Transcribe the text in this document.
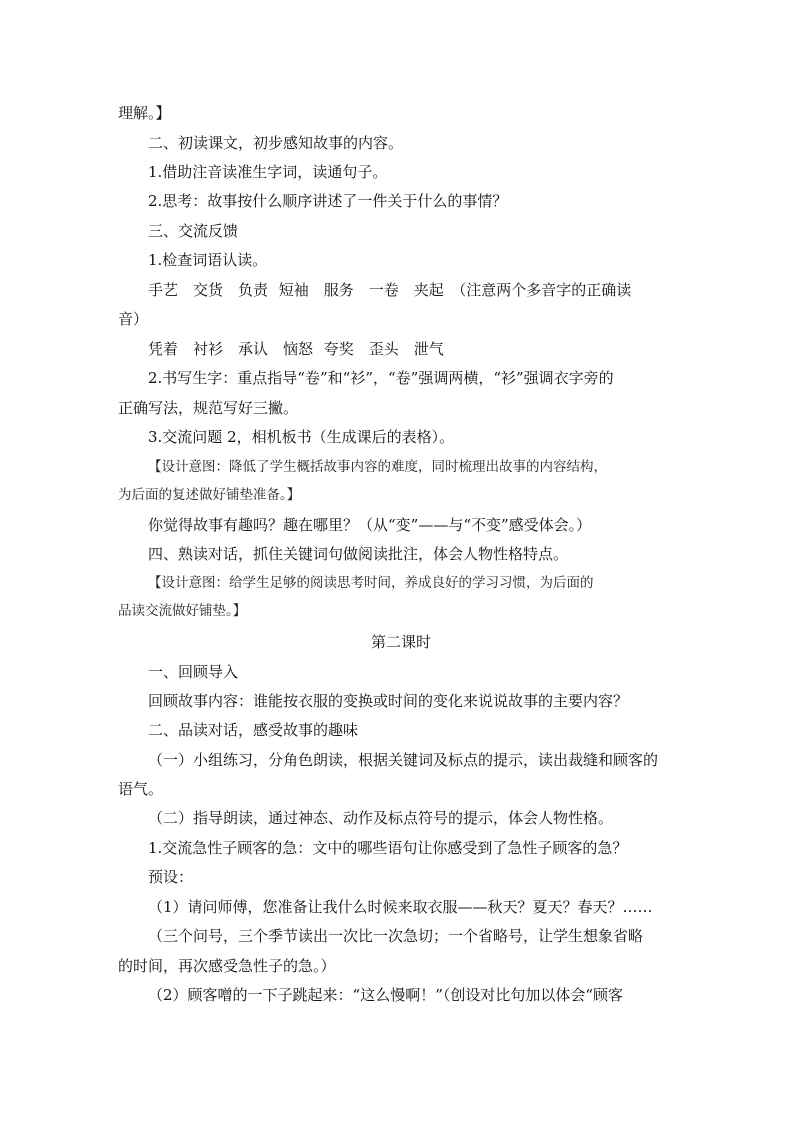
理解。】
二、初读课文，初步感知故事的内容。
1.借助注音读准生字词，读通句子。
2.思考：故事按什么顺序讲述了一件关于什么的事情？
三、交流反馈
1.检查词语认读。
手艺　交货　负责 短袖　服务　一卷　夹起　（注意两个多音字的正确读
音）
凭着　衬衫　承认　恼怒 夸奖　歪头　泄气
2.书写生字：重点指导“卷”和“衫”，“卷”强调两横，“衫”强调衣字旁的
正确写法，规范写好三撇。
3.交流问题 2，相机板书（生成课后的表格）。
【设计意图：降低了学生概括故事内容的难度，同时梳理出故事的内容结构，
为后面的复述做好铺垫准备。】
你觉得故事有趣吗？趣在哪里？（从“变”——与“不变”感受体会。）
四、熟读对话，抓住关键词句做阅读批注，体会人物性格特点。
【设计意图：给学生足够的阅读思考时间，养成良好的学习习惯，为后面的
品读交流做好铺垫。】
第二课时
一、回顾导入
回顾故事内容：谁能按衣服的变换或时间的变化来说说故事的主要内容？
二、品读对话，感受故事的趣味
（一）小组练习，分角色朗读，根据关键词及标点的提示，读出裁缝和顾客的
语气。
（二）指导朗读，通过神态、动作及标点符号的提示，体会人物性格。
1.交流急性子顾客的急：文中的哪些语句让你感受到了急性子顾客的急？
预设：
（1）请问师傅，您准备让我什么时候来取衣服——秋天？夏天？春天？……
（三个问号，三个季节读出一次比一次急切；一个省略号，让学生想象省略
的时间，再次感受急性子的急。）
（2）顾客噌的一下子跳起来：“这么慢啊！”（创设对比句加以体会“顾客
